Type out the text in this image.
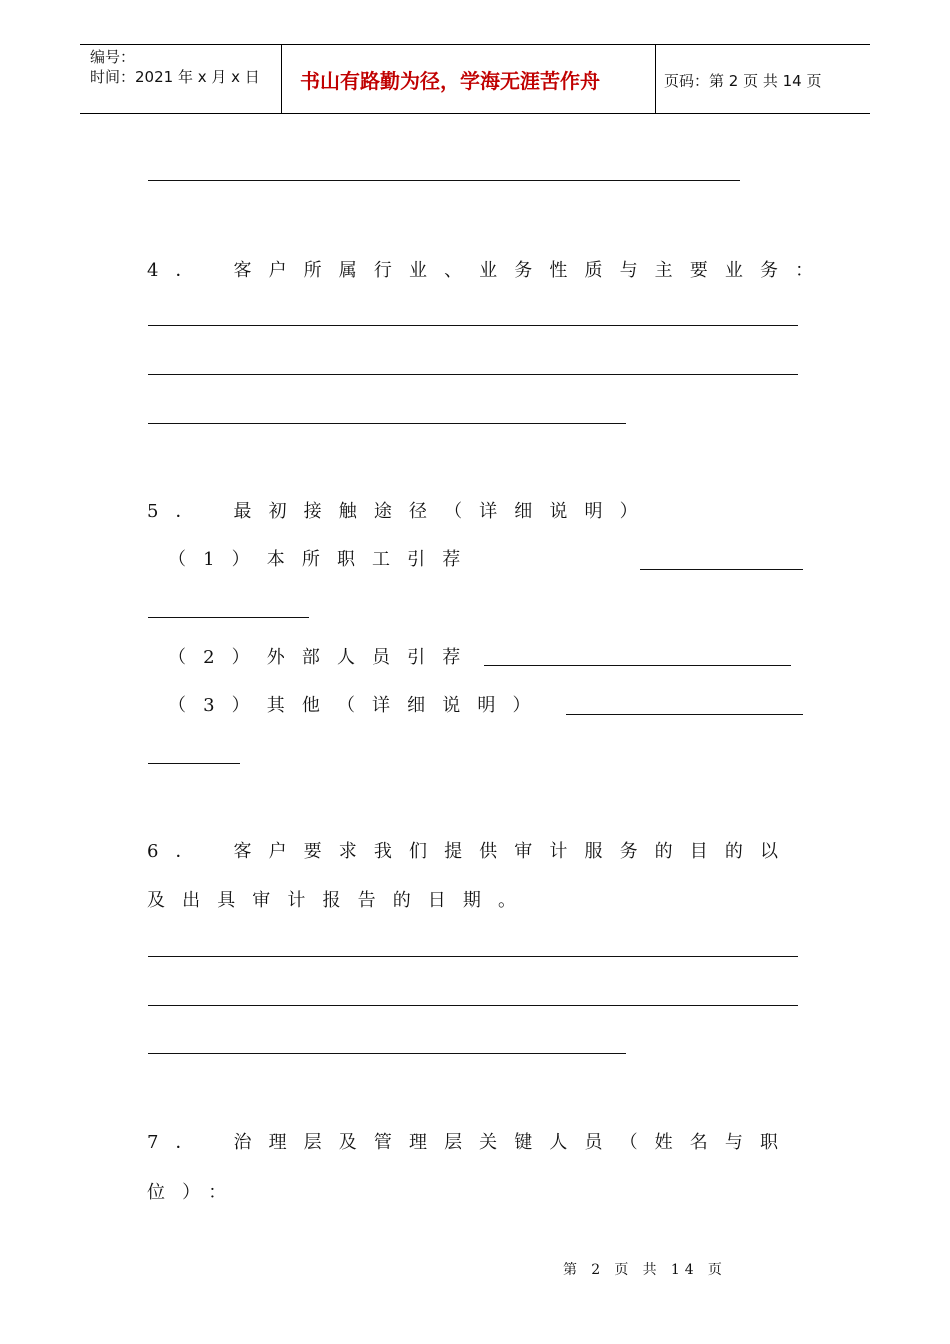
编号：
时间：2021 年 x 月 x 日 书山有路勤为径，学海无涯苦作舟	页码：第 2 页 共 14 页
4． 客户所属行业、业务性质与主要业务：
5． 最初接触途径（详细说明）
（1）本所职工引荐
（2）外部人员引荐
（3）其他（详细说明）
6． 客户要求我们提供审计服务的目的以
及出具审计报告的日期。
7． 治理层及管理层关键人员（姓名与职
位）：
第 2 页 共 14 页
